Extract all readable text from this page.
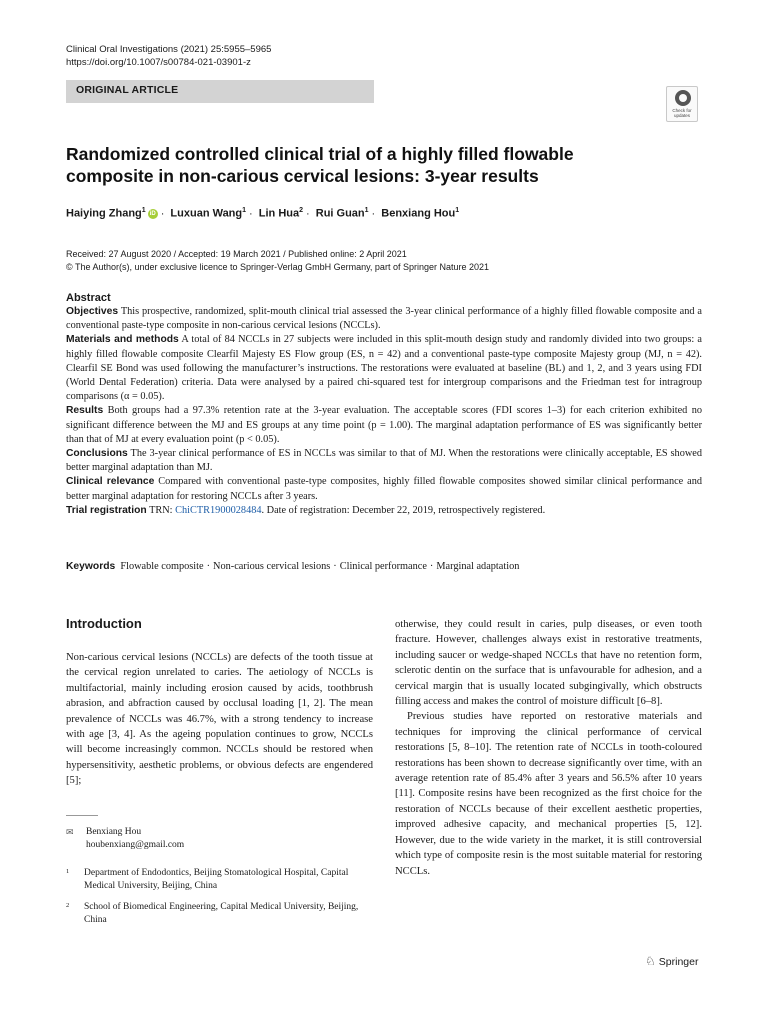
Clinical Oral Investigations (2021) 25:5955–5965
https://doi.org/10.1007/s00784-021-03901-z
ORIGINAL ARTICLE
Check for updates
Randomized controlled clinical trial of a highly filled flowable composite in non-carious cervical lesions: 3-year results
Haiying Zhang$^1$ iD · Luxuan Wang$^1$ · Lin Hua$^2$ · Rui Guan$^1$ · Benxiang Hou$^1$
Received: 27 August 2020 / Accepted: 19 March 2021 / Published online: 2 April 2021
© The Author(s), under exclusive licence to Springer-Verlag GmbH Germany, part of Springer Nature 2021
Abstract

Objectives This prospective, randomized, split-mouth clinical trial assessed the 3-year clinical performance of a highly filled flowable composite and a conventional paste-type composite in non-carious cervical lesions (NCCLs).

Materials and methods A total of 84 NCCLs in 27 subjects were included in this split-mouth design study and randomly divided into two groups: a highly filled flowable composite Clearfil Majesty ES Flow group (ES, n = 42) and a conventional paste-type composite Majesty group (MJ, n = 42). Clearfil SE Bond was used following the manufacturer’s instructions. The restorations were evaluated at baseline (BL) and 1, 2, and 3 years using FDI (World Dental Federation) criteria. Data were analysed by a paired chi-squared test for intergroup comparisons and the Friedman test for intragroup comparisons (α = 0.05).

Results Both groups had a 97.3% retention rate at the 3-year evaluation. The acceptable scores (FDI scores 1–3) for each criterion exhibited no significant difference between the MJ and ES groups at any time point (p = 1.00). The marginal adaptation performance of ES was significantly better than that of MJ at every evaluation point (p < 0.05).

Conclusions The 3-year clinical performance of ES in NCCLs was similar to that of MJ. When the restorations were clinically acceptable, ES showed better marginal adaptation than MJ.

Clinical relevance Compared with conventional paste-type composites, highly filled flowable composites showed similar clinical performance and better marginal adaptation for restoring NCCLs after 3 years.

Trial registration TRN: ChiCTR1900028484. Date of registration: December 22, 2019, retrospectively registered.

Keywords Flowable composite · Non-carious cervical lesions · Clinical performance · Marginal adaptation
Introduction

Non-carious cervical lesions (NCCLs) are defects of the tooth tissue at the cervical region unrelated to caries. The aetiology of NCCLs is multifactorial, mainly including erosion caused by acids, toothbrush abrasion, and abfraction caused by occlusal loading [1, 2]. The mean prevalence of NCCLs was 46.7%, with a strong tendency to increase with age [3, 4]. As the ageing population continues to grow, NCCLs will become increasingly common. NCCLs should be restored when hypersensitivity, aesthetic problems, or obvious defects are engendered [5];

otherwise, they could result in caries, pulp diseases, or even tooth fracture. However, challenges always exist in restorative treatments, including saucer or wedge-shaped NCCLs that have no retention form, sclerotic dentin on the surface that is unfavourable for adhesion, and a cervical margin that is usually located subgingivally, which obstructs filling access and makes the control of moisture difficult [6–8].

Previous studies have reported on restorative materials and techniques for improving the clinical performance of cervical restorations [5, 8–10]. The retention rate of NCCLs in tooth-coloured restorations has been shown to decrease significantly over time, with an average retention rate of 85.4% after 3 years and 56.5% after 10 years [11]. Composite resins have been recognized as the first choice for the restoration of NCCLs because of their excellent aesthetic properties, improved adhesive capacity, and mechanical properties [5, 12]. However, due to the wide variety in the market, it is still controversial which type of composite resin is the most suitable material for restoring NCCLs.

✉ Benxiang Hou
houbenxiang@gmail.com
1 Department of Endodontics, Beijing Stomatological Hospital, Capital Medical University, Beijing, China
2 School of Biomedical Engineering, Capital Medical University, Beijing, China
♘ Springer
